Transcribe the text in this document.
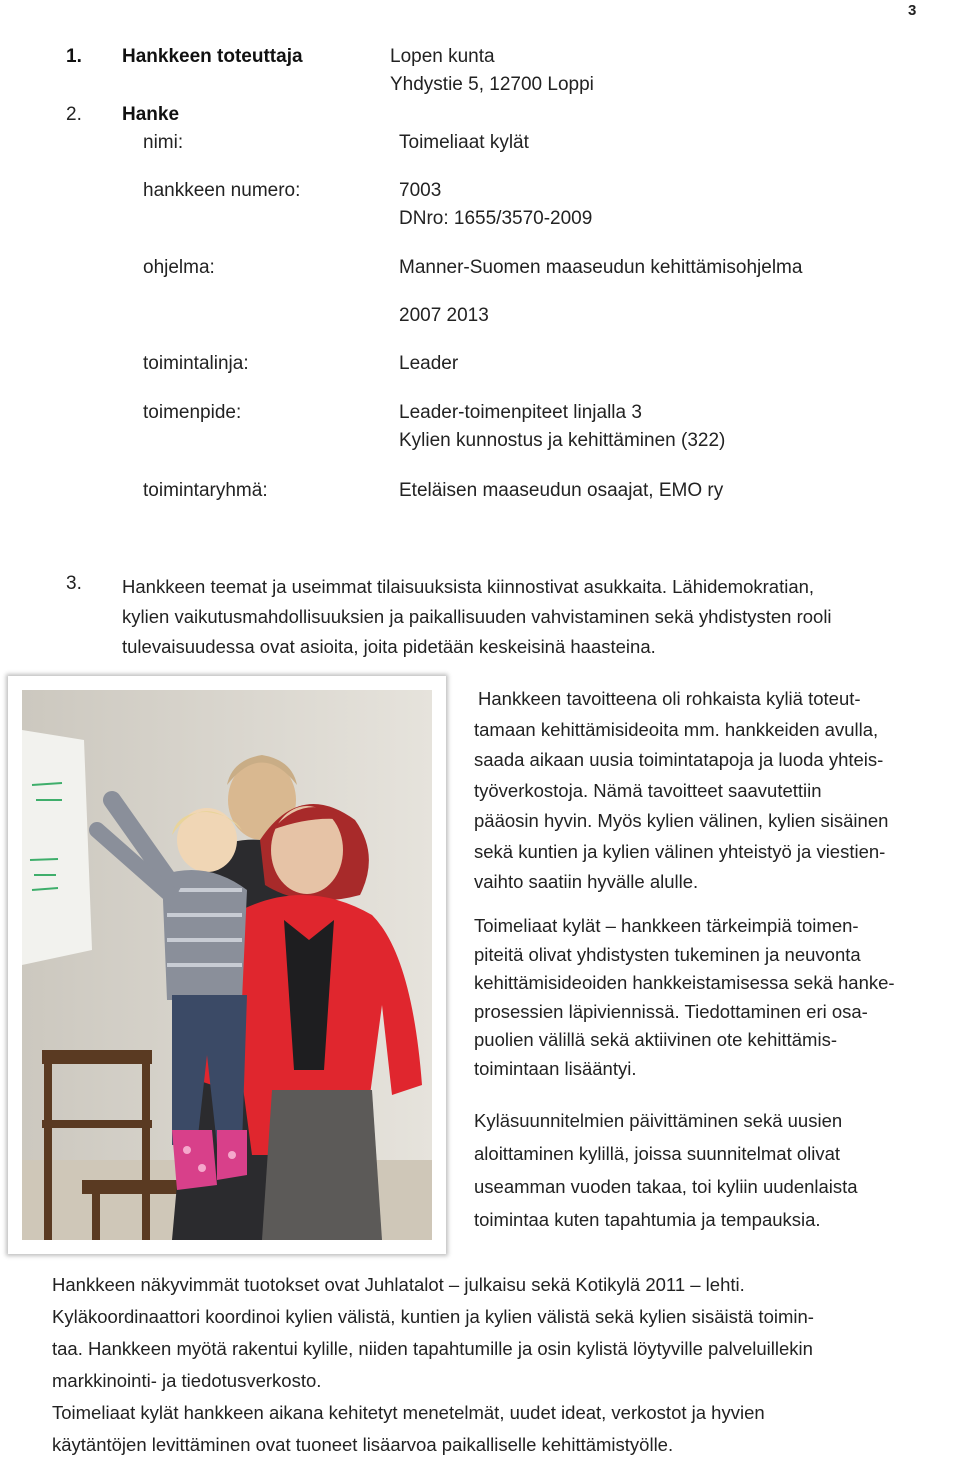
3
1. Hankkeen toteuttaja	Lopen kunta
Yhdystie 5, 12700 Loppi
2. Hanke
nimi:	Toimeliaat kylät
hankkeen numero:	7003
DNro: 1655/3570-2009
ohjelma:	Manner-Suomen maaseudun kehittämisohjelma
2007 2013
toimintalinja:	Leader
toimenpide:	Leader-toimenpiteet linjalla 3
Kylien kunnostus ja kehittäminen (322)
toimintaryhmä:	Eteläisen maaseudun osaajat, EMO ry
3. Hankkeen teemat ja useimmat tilaisuuksista kiinnostivat asukkaita. Lähidemokratian,
kylien vaikutusmahdollisuuksien ja paikallisuuden vahvistaminen sekä yhdistysten rooli
tulevaisuudessa ovat asioita, joita pidetään keskeisinä haasteina.
Hankkeen tavoitteena oli rohkaista kyliä toteut-
tamaan kehittämisideoita mm. hankkeiden avulla,
saada aikaan uusia toimintatapoja ja luoda yhteis-
työverkostoja. Nämä tavoitteet saavutettiin
pääosin hyvin. Myös kylien välinen, kylien sisäinen
sekä kuntien ja kylien välinen yhteistyö ja viestien-
vaihto saatiin hyvälle alulle.
Toimeliaat kylät – hankkeen tärkeimpiä toimen-
piteitä olivat yhdistysten tukeminen ja neuvonta
kehittämisideoiden hankkeistamisessa sekä hanke-
prosessien läpiviennissä. Tiedottaminen eri osa-
puolien välillä sekä aktiivinen ote kehittämis-
toimintaan lisääntyi.
Kyläsuunnitelmien päivittäminen sekä uusien
aloittaminen kylillä, joissa suunnitelmat olivat
useamman vuoden takaa, toi kyliin uudenlaista
toimintaa kuten tapahtumia ja tempauksia.
Hankkeen näkyvimmät tuotokset ovat Juhlatalot – julkaisu sekä Kotikylä 2011 – lehti.
Kyläkoordinaattori koordinoi kylien välistä, kuntien ja kylien välistä sekä kylien sisäistä toimin-
taa. Hankkeen myötä rakentui kylille, niiden tapahtumille ja osin kylistä löytyville palveluillekin
markkinointi- ja tiedotusverkosto.
Toimeliaat kylät hankkeen aikana kehitetyt menetelmät, uudet ideat, verkostot ja hyvien
käytäntöjen levittäminen ovat tuoneet lisäarvoa paikalliselle kehittämistyölle.
